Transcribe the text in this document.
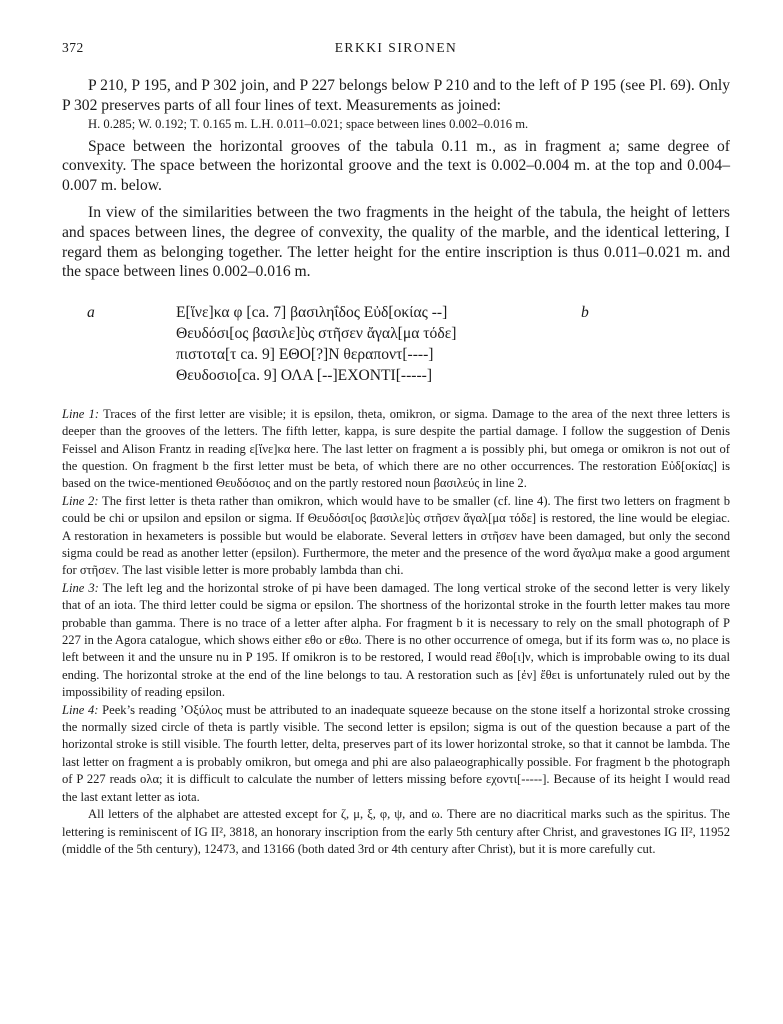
372	ERKKI SIRONEN

P 210, P 195, and P 302 join, and P 227 belongs below P 210 and to the left of P 195 (see Pl. 69). Only P 302 preserves parts of all four lines of text. Measurements as joined:

H. 0.285; W. 0.192; T. 0.165 m. L.H. 0.011–0.021; space between lines 0.002–0.016 m.

Space between the horizontal grooves of the tabula 0.11 m., as in fragment a; same degree of convexity. The space between the horizontal groove and the text is 0.002–0.004 m. at the top and 0.004–0.007 m. below.

In view of the similarities between the two fragments in the height of the tabula, the height of letters and spaces between lines, the degree of convexity, the quality of the marble, and the identical lettering, I regard them as belonging together. The letter height for the entire inscription is thus 0.011–0.021 m. and the space between lines 0.002–0.016 m.

a	b
Ε[ἵνε]κα φ [ca. 7] βασιληΐδος Εὐδ[οκίας --]
Θευδόσι[ος βασιλε]ὺς στῆσεν ἄγαλ[μα τόδε]
πιστοτα[τ ca. 9] ΕΘΟ[?]Ν θεραποντ[----]
Θευδοσιο[ca. 9] ΟΛΑ [--]ΕΧΟΝΤΙ[-----]

Line 1: Traces of the first letter are visible; it is epsilon, theta, omikron, or sigma. Damage to the area of the next three letters is deeper than the grooves of the letters. The fifth letter, kappa, is sure despite the partial damage. I follow the suggestion of Denis Feissel and Alison Frantz in reading ε[ἵνε]κα here. The last letter on fragment a is possibly phi, but omega or omikron is not out of the question. On fragment b the first letter must be beta, of which there are no other occurrences. The restoration Εὐδ[οκίας] is based on the twice-mentioned Θευδόσιος and on the partly restored noun βασιλεύς in line 2.

Line 2: The first letter is theta rather than omikron, which would have to be smaller (cf. line 4). The first two letters on fragment b could be chi or upsilon and epsilon or sigma. If Θευδόσι[ος βασιλε]ὺς στῆσεν ἄγαλ[μα τόδε] is restored, the line would be elegiac. A restoration in hexameters is possible but would be elaborate. Several letters in στῆσεν have been damaged, but only the second sigma could be read as another letter (epsilon). Furthermore, the meter and the presence of the word ἄγαλμα make a good argument for στῆσεν. The last visible letter is more probably lambda than chi.

Line 3: The left leg and the horizontal stroke of pi have been damaged. The long vertical stroke of the second letter is very likely that of an iota. The third letter could be sigma or epsilon. The shortness of the horizontal stroke in the fourth letter makes tau more probable than gamma. There is no trace of a letter after alpha. For fragment b it is necessary to rely on the small photograph of P 227 in the Agora catalogue, which shows either εθο or εθω. There is no other occurrence of omega, but if its form was ω, no place is left between it and the unsure nu in P 195. If omikron is to be restored, I would read ἔθο[ι]ν, which is improbable owing to its dual ending. The horizontal stroke at the end of the line belongs to tau. A restoration such as [ἐν] ἔθει is unfortunately ruled out by the impossibility of reading epsilon.

Line 4: Peek’s reading ʼΟξύλος must be attributed to an inadequate squeeze because on the stone itself a horizontal stroke crossing the normally sized circle of theta is partly visible. The second letter is epsilon; sigma is out of the question because a part of the horizontal stroke is still visible. The fourth letter, delta, preserves part of its lower horizontal stroke, so that it cannot be lambda. The last letter on fragment a is probably omikron, but omega and phi are also palaeographically possible. For fragment b the photograph of P 227 reads ολα; it is difficult to calculate the number of letters missing before εχοντι[-----]. Because of its height I would read the last extant letter as iota.

All letters of the alphabet are attested except for ζ, μ, ξ, φ, ψ, and ω. There are no diacritical marks such as the spiritus. The lettering is reminiscent of IG II², 3818, an honorary inscription from the early 5th century after Christ, and gravestones IG II², 11952 (middle of the 5th century), 12473, and 13166 (both dated 3rd or 4th century after Christ), but it is more carefully cut.
